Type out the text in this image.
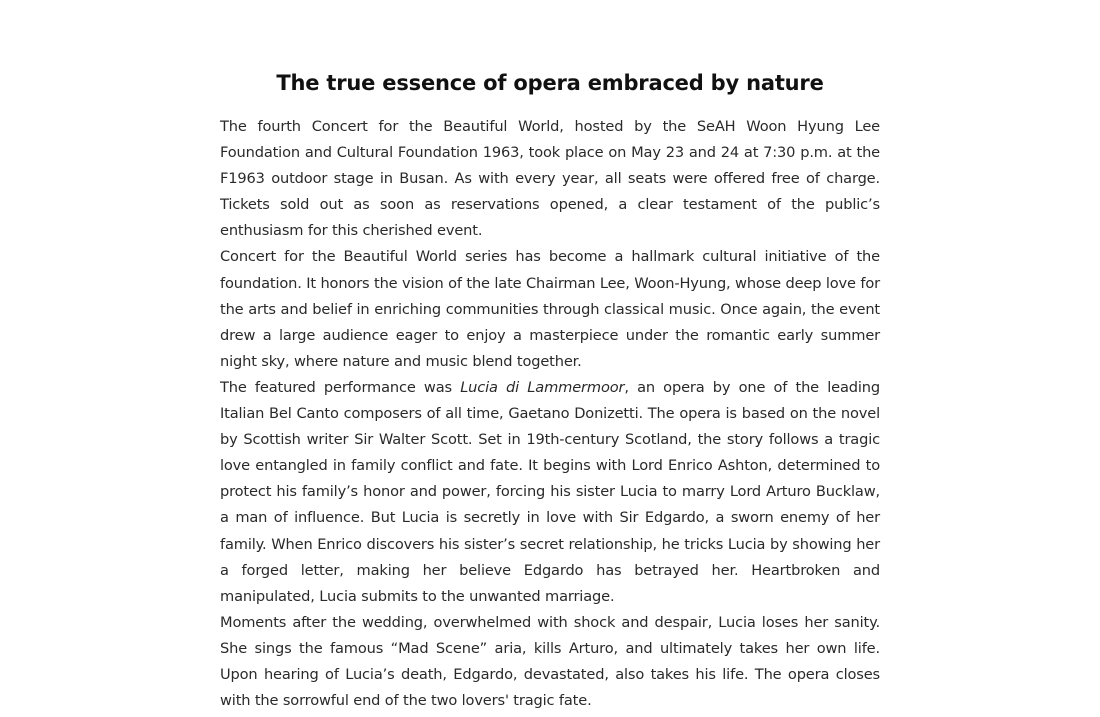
The true essence of opera embraced by nature

The fourth Concert for the Beautiful World, hosted by the SeAH Woon Hyung Lee Foundation and Cultural Foundation 1963, took place on May 23 and 24 at 7:30 p.m. at the F1963 outdoor stage in Busan. As with every year, all seats were offered free of charge. Tickets sold out as soon as reservations opened, a clear testament of the public’s enthusiasm for this cherished event.

Concert for the Beautiful World series has become a hallmark cultural initiative of the foundation. It honors the vision of the late Chairman Lee, Woon-Hyung, whose deep love for the arts and belief in enriching communities through classical music. Once again, the event drew a large audience eager to enjoy a masterpiece under the romantic early summer night sky, where nature and music blend together.

The featured performance was Lucia di Lammermoor, an opera by one of the leading Italian Bel Canto composers of all time, Gaetano Donizetti. The opera is based on the novel by Scottish writer Sir Walter Scott. Set in 19th-century Scotland, the story follows a tragic love entangled in family conflict and fate. It begins with Lord Enrico Ashton, determined to protect his family’s honor and power, forcing his sister Lucia to marry Lord Arturo Bucklaw, a man of influence. But Lucia is secretly in love with Sir Edgardo, a sworn enemy of her family. When Enrico discovers his sister’s secret relationship, he tricks Lucia by showing her a forged letter, making her believe Edgardo has betrayed her. Heartbroken and manipulated, Lucia submits to the unwanted marriage.

Moments after the wedding, overwhelmed with shock and despair, Lucia loses her sanity. She sings the famous “Mad Scene” aria, kills Arturo, and ultimately takes her own life. Upon hearing of Lucia’s death, Edgardo, devastated, also takes his life. The opera closes with the sorrowful end of the two lovers' tragic fate.
